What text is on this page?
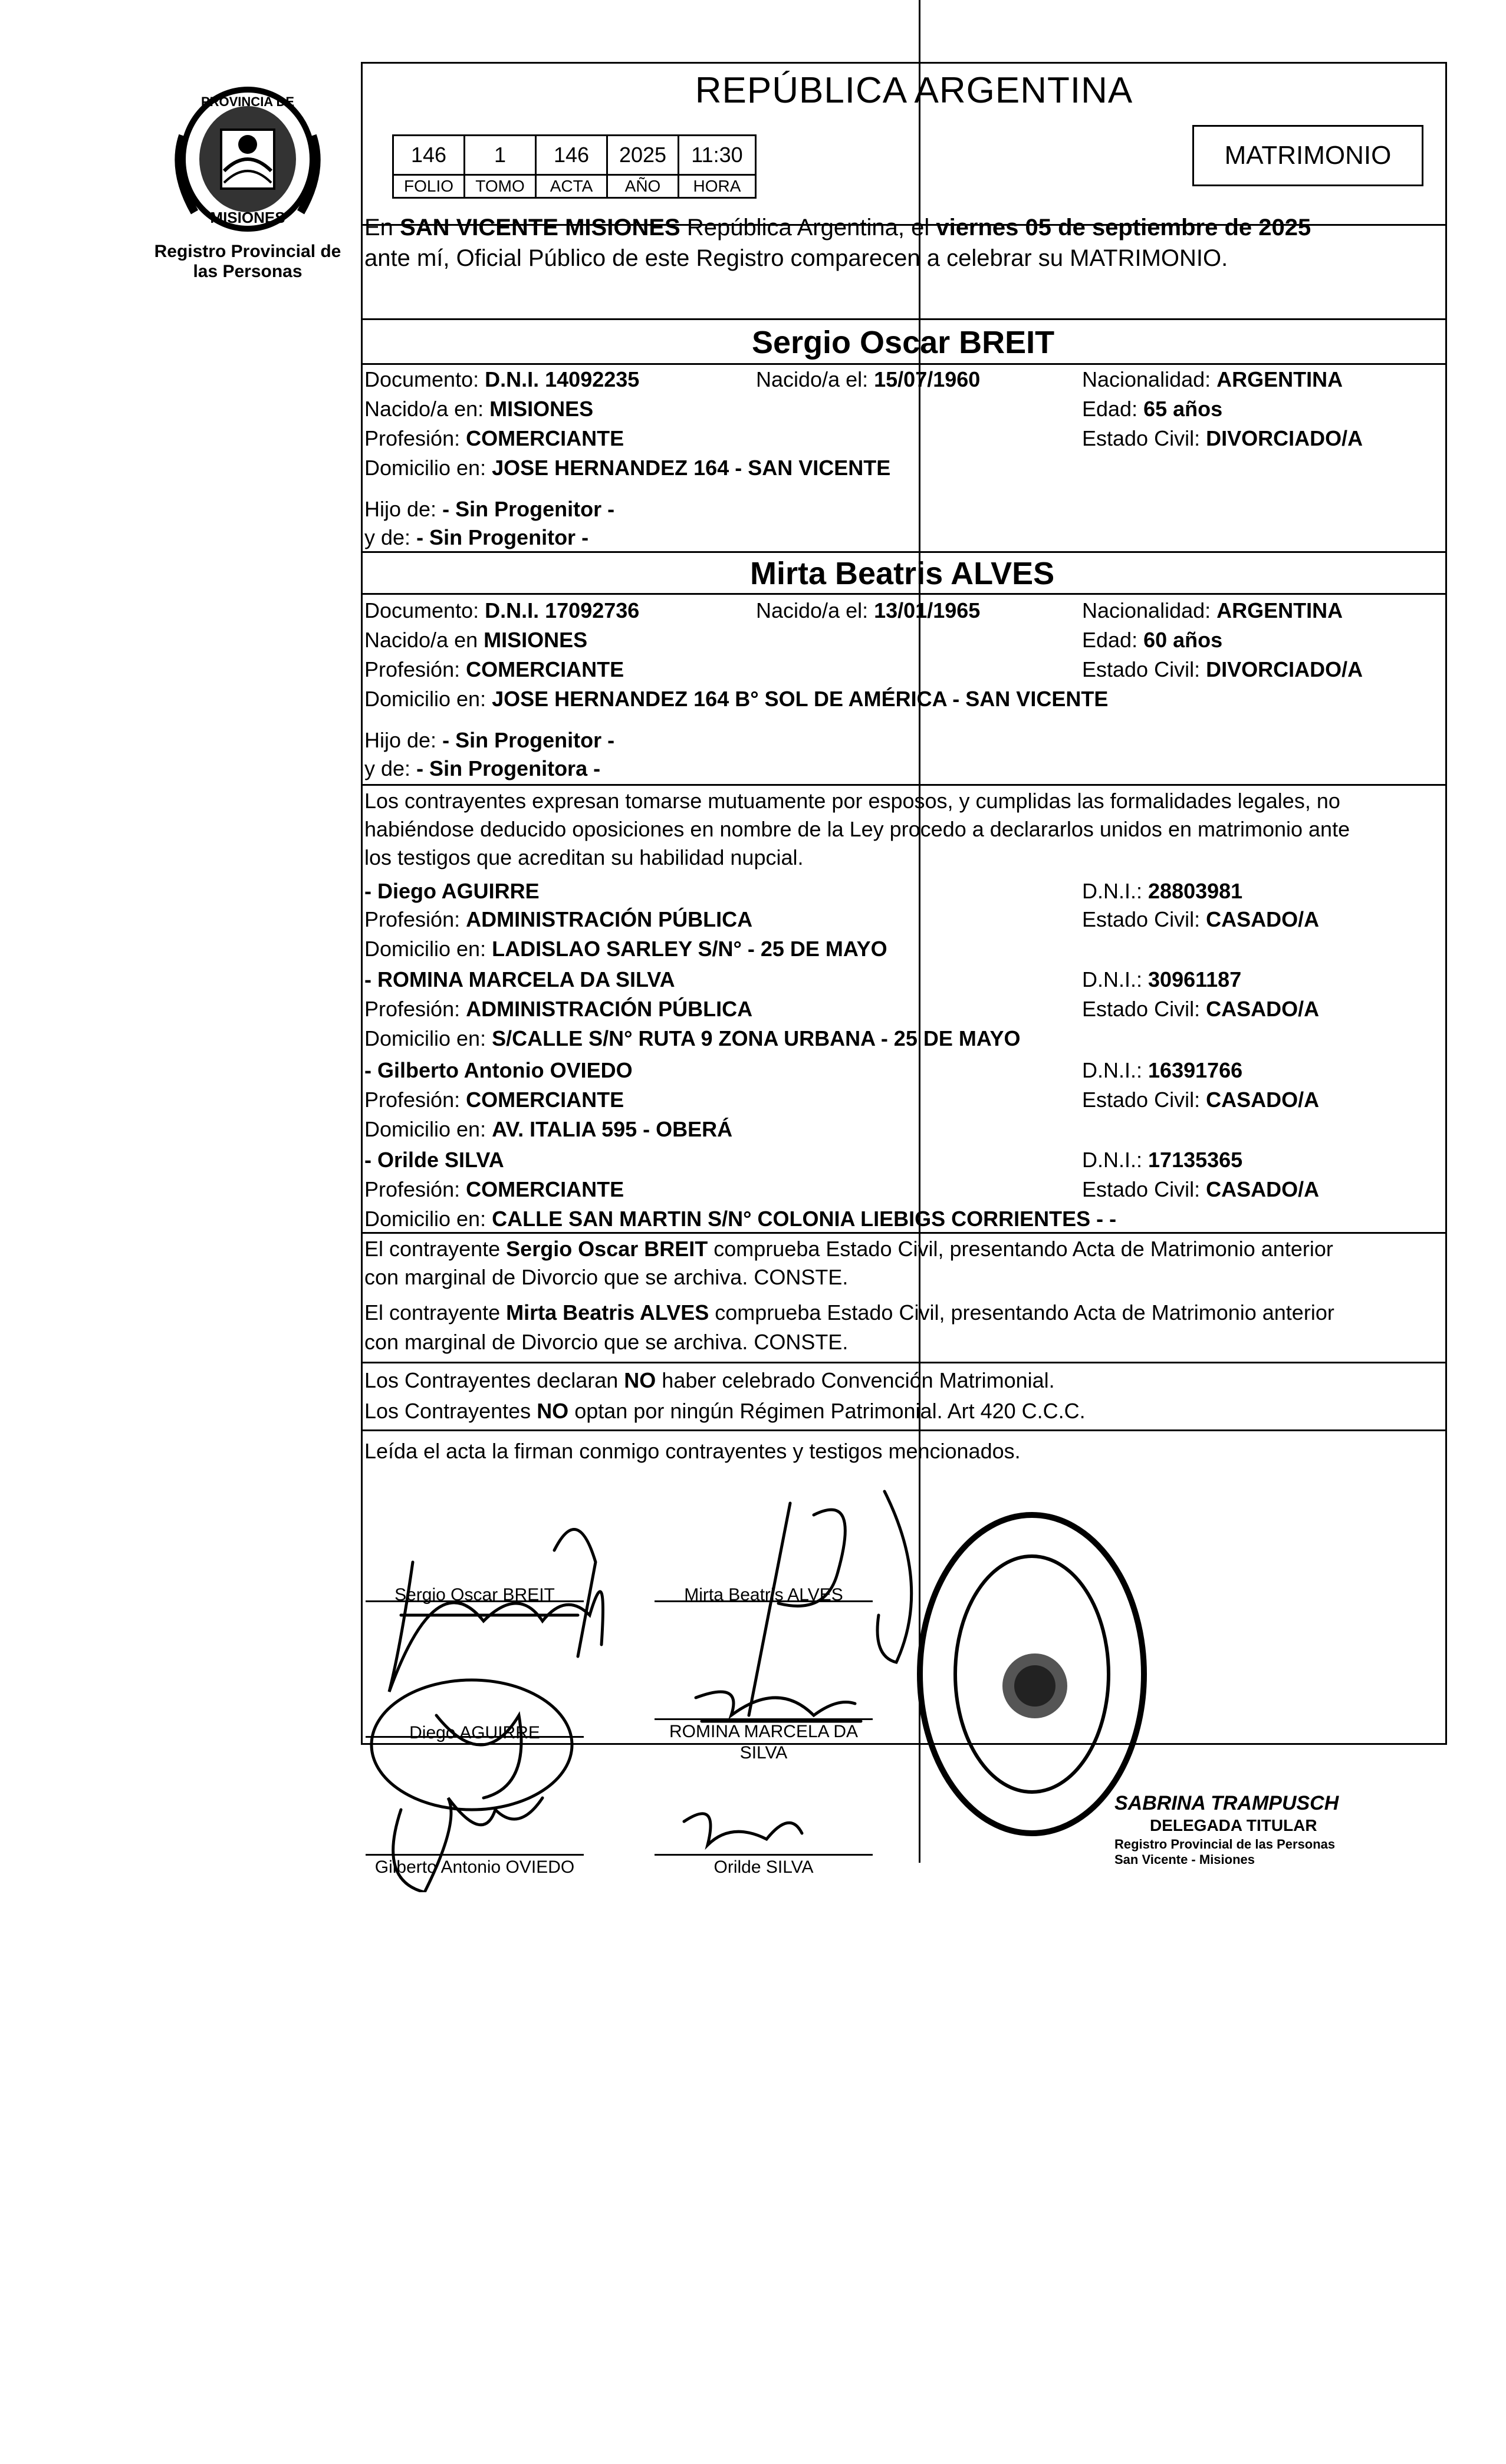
PROVINCIA DE
MISIONES
Registro Provincial de las Personas
REPÚBLICA ARGENTINA
146	1	146	2025	11:30
FOLIO	TOMO	ACTA	AÑO	HORA
MATRIMONIO
En SAN VICENTE MISIONES República Argentina, el viernes 05 de septiembre de 2025
ante mí, Oficial Público de este Registro comparecen a celebrar su MATRIMONIO.
Sergio Oscar BREIT
Documento: D.N.I. 14092235	Nacido/a el: 15/07/1960	Nacionalidad: ARGENTINA
Nacido/a en: MISIONES	Edad: 65 años
Profesión: COMERCIANTE	Estado Civil: DIVORCIADO/A
Domicilio en: JOSE HERNANDEZ 164 - SAN VICENTE
Hijo de: - Sin Progenitor -
y de: - Sin Progenitor -
Mirta Beatris ALVES
Documento: D.N.I. 17092736	Nacido/a el: 13/01/1965	Nacionalidad: ARGENTINA
Nacido/a en MISIONES	Edad: 60 años
Profesión: COMERCIANTE	Estado Civil: DIVORCIADO/A
Domicilio en: JOSE HERNANDEZ 164 B° SOL DE AMÉRICA - SAN VICENTE
Hijo de: - Sin Progenitor -
y de: - Sin Progenitora -
Los contrayentes expresan tomarse mutuamente por esposos, y cumplidas las formalidades legales, no
habiéndose deducido oposiciones en nombre de la Ley procedo a declararlos unidos en matrimonio ante
los testigos que acreditan su habilidad nupcial.
- Diego AGUIRRE	D.N.I.: 28803981
Profesión: ADMINISTRACIÓN PÚBLICA	Estado Civil: CASADO/A
Domicilio en: LADISLAO SARLEY S/N° - 25 DE MAYO
- ROMINA MARCELA DA SILVA	D.N.I.: 30961187
Profesión: ADMINISTRACIÓN PÚBLICA	Estado Civil: CASADO/A
Domicilio en: S/CALLE S/N° RUTA 9 ZONA URBANA - 25 DE MAYO
- Gilberto Antonio OVIEDO	D.N.I.: 16391766
Profesión: COMERCIANTE	Estado Civil: CASADO/A
Domicilio en: AV. ITALIA 595 - OBERÁ
- Orilde SILVA	D.N.I.: 17135365
Profesión: COMERCIANTE	Estado Civil: CASADO/A
Domicilio en: CALLE SAN MARTIN S/N° COLONIA LIEBIGS CORRIENTES - -
El contrayente Sergio Oscar BREIT comprueba Estado Civil, presentando Acta de Matrimonio anterior
con marginal de Divorcio que se archiva. CONSTE.
El contrayente Mirta Beatris ALVES comprueba Estado Civil, presentando Acta de Matrimonio anterior
con marginal de Divorcio que se archiva. CONSTE.
Los Contrayentes declaran NO haber celebrado Convención Matrimonial.
Los Contrayentes NO optan por ningún Régimen Patrimonial. Art 420 C.C.C.
Leída el acta la firman conmigo contrayentes y testigos mencionados.
Sergio Oscar BREIT	Mirta Beatris ALVES
Diego AGUIRRE	ROMINA MARCELA DA SILVA
Gilberto Antonio OVIEDO	Orilde SILVA
SABRINA TRAMPUSCH
DELEGADA TITULAR
Registro Provincial de las Personas
San Vicente - Misiones
